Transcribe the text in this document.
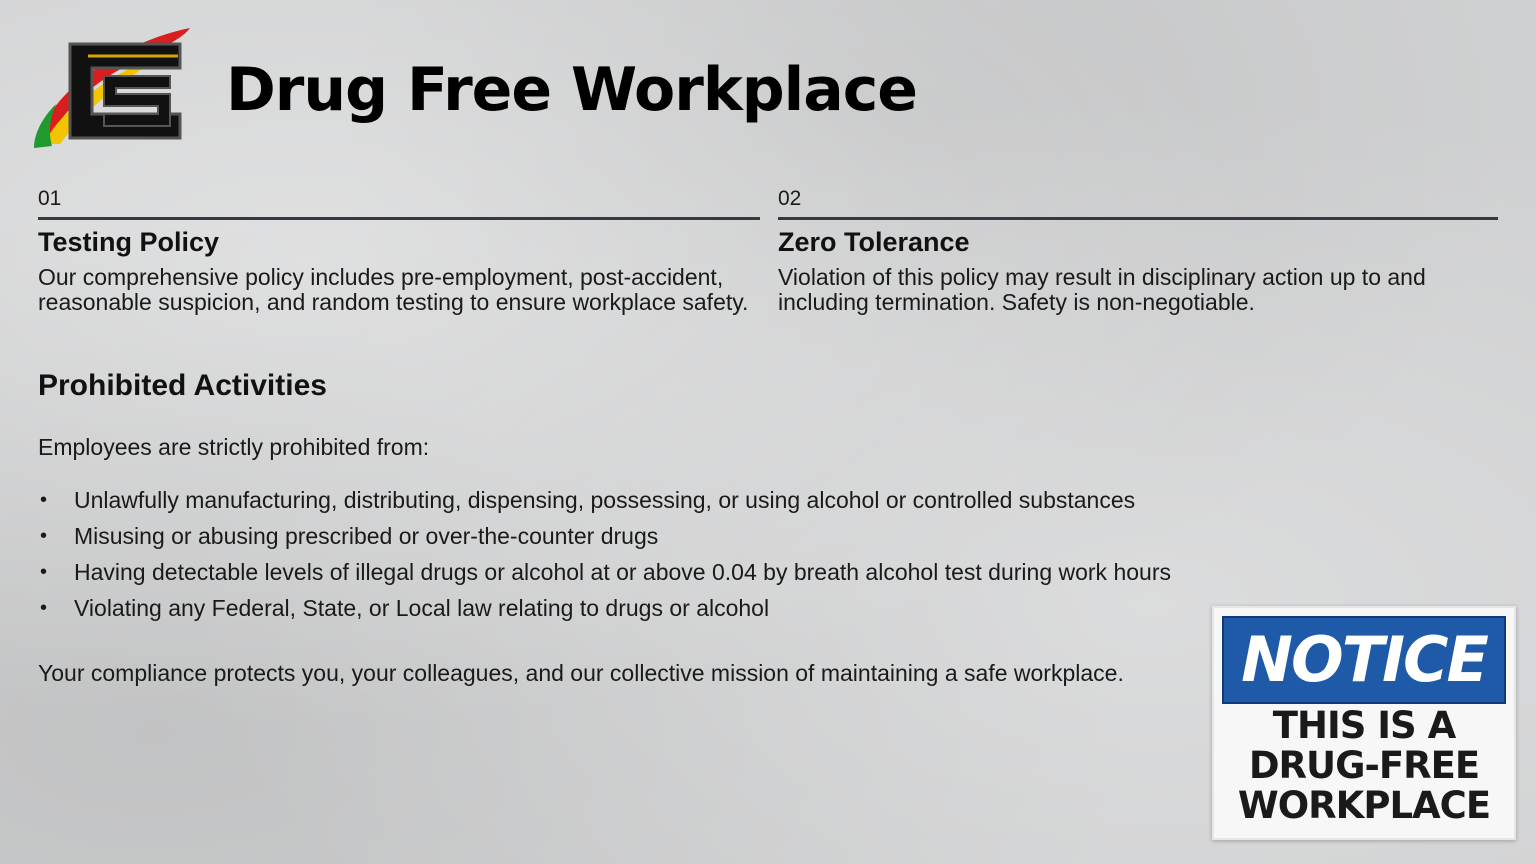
Drug Free Workplace
01
Testing Policy
Our comprehensive policy includes pre-employment, post-accident, reasonable suspicion, and random testing to ensure workplace safety.
02
Zero Tolerance
Violation of this policy may result in disciplinary action up to and including termination. Safety is non-negotiable.
Prohibited Activities
Employees are strictly prohibited from:
• Unlawfully manufacturing, distributing, dispensing, possessing, or using alcohol or controlled substances
• Misusing or abusing prescribed or over-the-counter drugs
• Having detectable levels of illegal drugs or alcohol at or above 0.04 by breath alcohol test during work hours
• Violating any Federal, State, or Local law relating to drugs or alcohol
Your compliance protects you, your colleagues, and our collective mission of maintaining a safe workplace.	NOTICE
THIS IS A
DRUG-FREE
WORKPLACE
